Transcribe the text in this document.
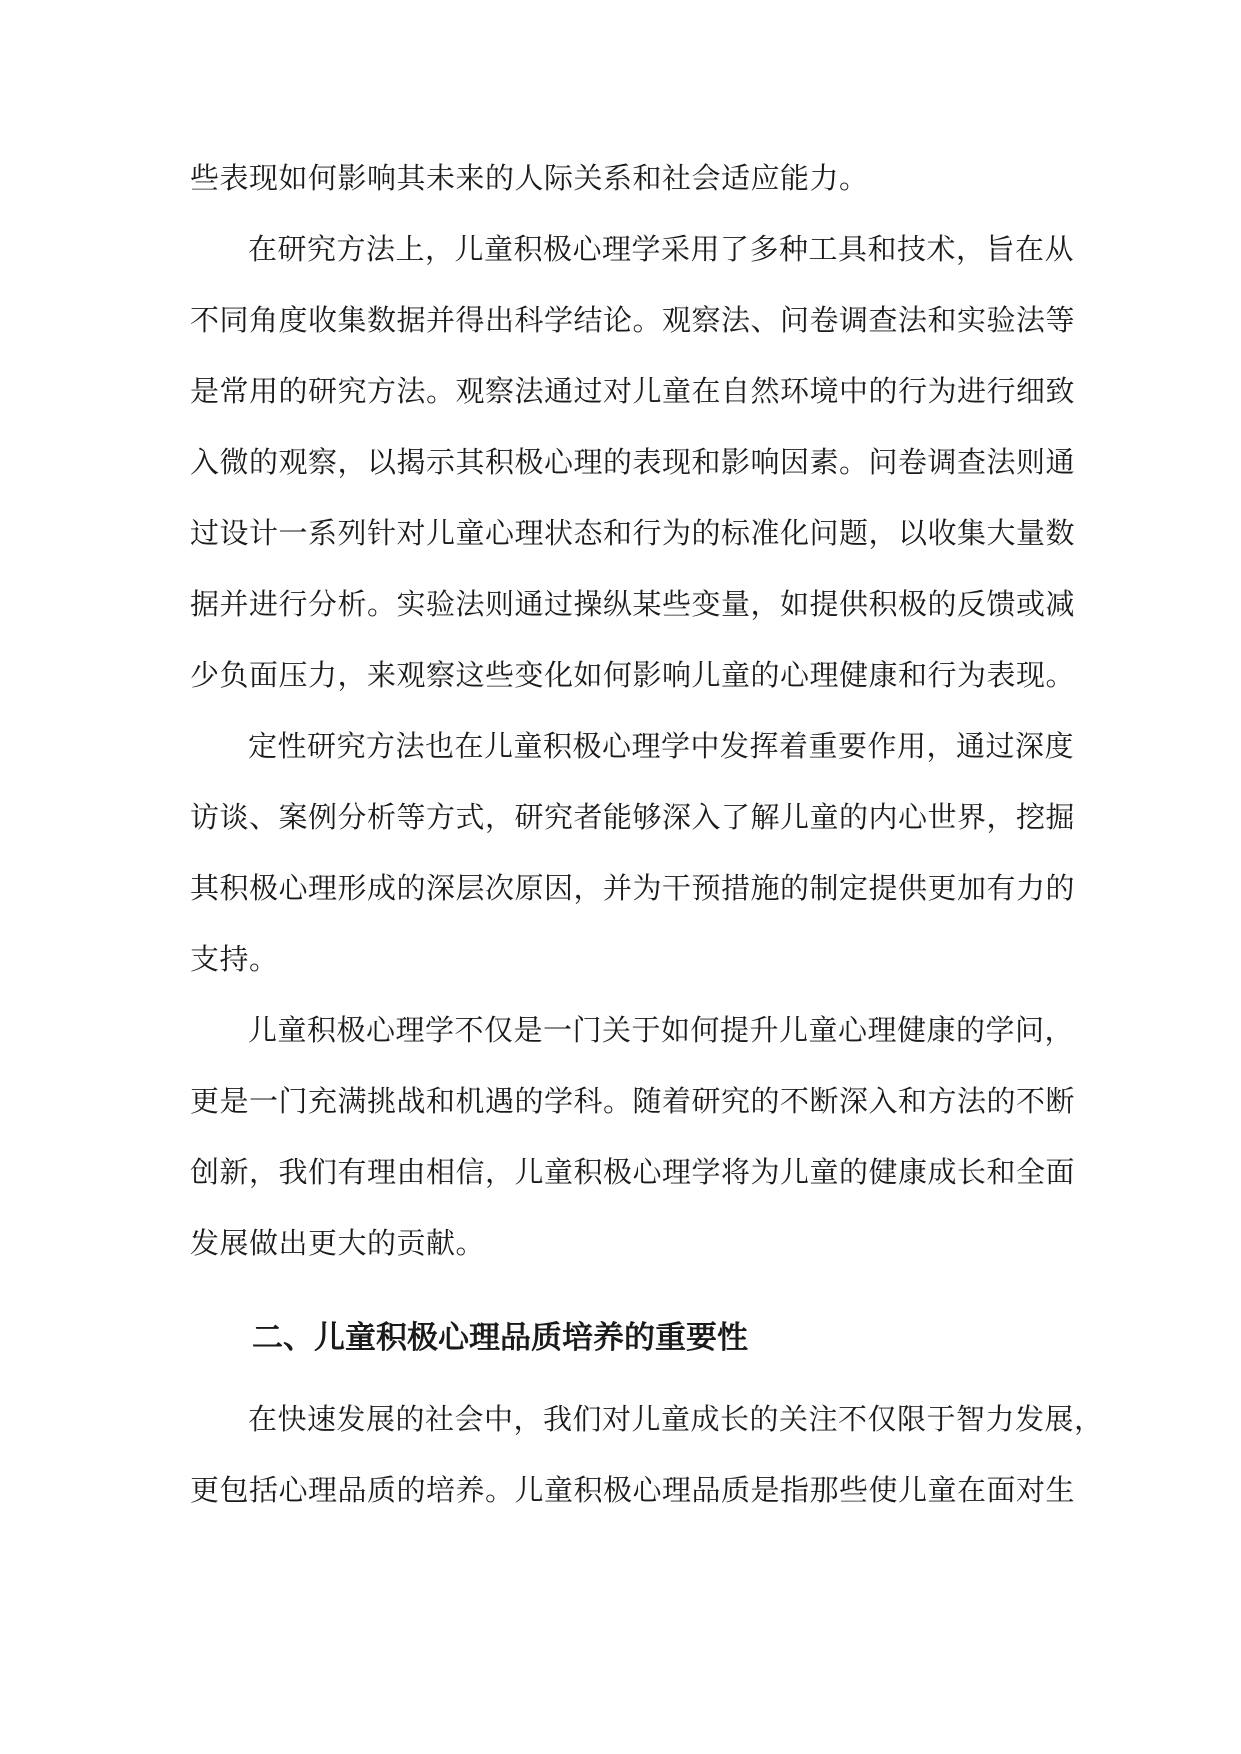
些表现如何影响其未来的人际关系和社会适应能力。
在研究方法上，儿童积极心理学采用了多种工具和技术，旨在从
不同角度收集数据并得出科学结论。观察法、问卷调查法和实验法等
是常用的研究方法。观察法通过对儿童在自然环境中的行为进行细致
入微的观察，以揭示其积极心理的表现和影响因素。问卷调查法则通
过设计一系列针对儿童心理状态和行为的标准化问题，以收集大量数
据并进行分析。实验法则通过操纵某些变量，如提供积极的反馈或减
少负面压力，来观察这些变化如何影响儿童的心理健康和行为表现。
定性研究方法也在儿童积极心理学中发挥着重要作用，通过深度
访谈、案例分析等方式，研究者能够深入了解儿童的内心世界，挖掘
其积极心理形成的深层次原因，并为干预措施的制定提供更加有力的
支持。
儿童积极心理学不仅是一门关于如何提升儿童心理健康的学问，
更是一门充满挑战和机遇的学科。随着研究的不断深入和方法的不断
创新，我们有理由相信，儿童积极心理学将为儿童的健康成长和全面
发展做出更大的贡献。
二、儿童积极心理品质培养的重要性
在快速发展的社会中，我们对儿童成长的关注不仅限于智力发展，
更包括心理品质的培养。儿童积极心理品质是指那些使儿童在面对生
